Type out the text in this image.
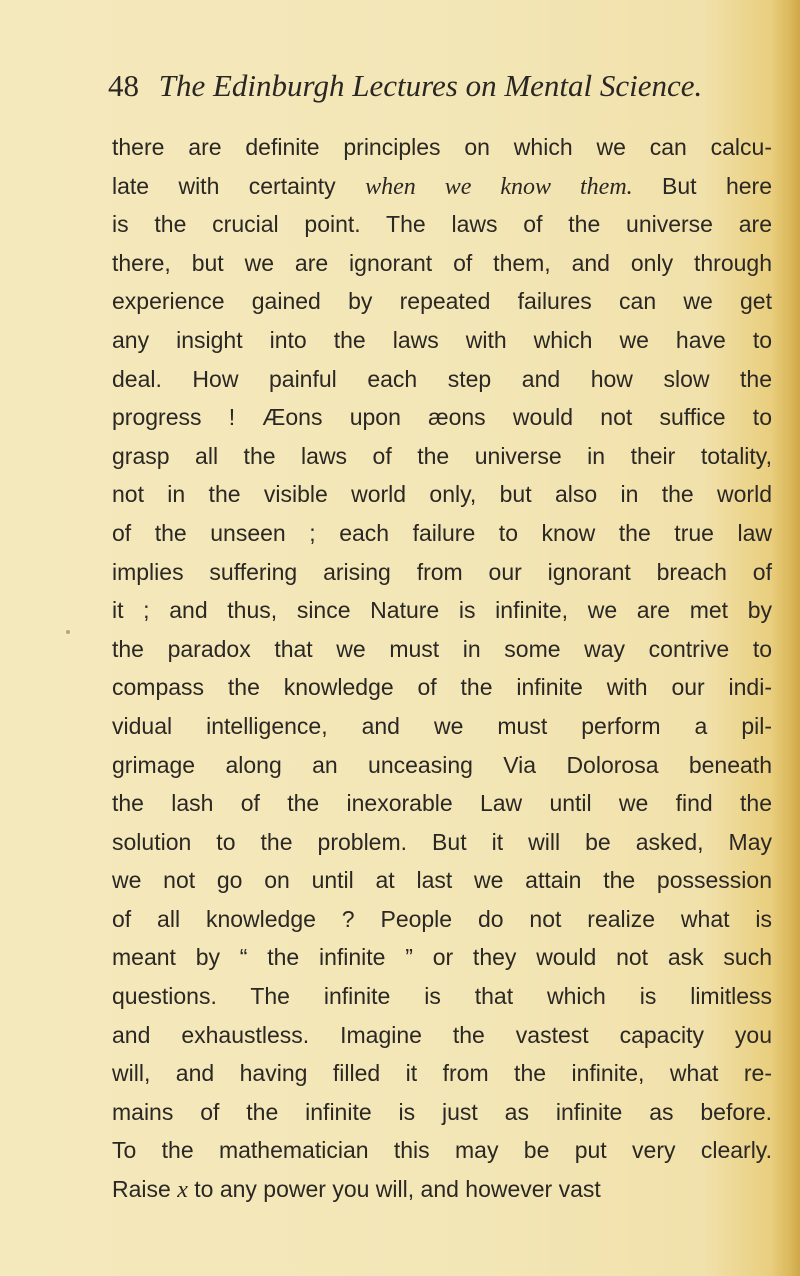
48 The Edinburgh Lectures on Mental Science.
there are definite principles on which we can calcu-
late with certainty when we know them. But here
is the crucial point. The laws of the universe are
there, but we are ignorant of them, and only through
experience gained by repeated failures can we get
any insight into the laws with which we have to
deal. How painful each step and how slow the
progress ! Æons upon æons would not suffice to
grasp all the laws of the universe in their totality,
not in the visible world only, but also in the world
of the unseen ; each failure to know the true law
implies suffering arising from our ignorant breach of
it ; and thus, since Nature is infinite, we are met by
the paradox that we must in some way contrive to
compass the knowledge of the infinite with our indi-
vidual intelligence, and we must perform a pil-
grimage along an unceasing Via Dolorosa beneath
the lash of the inexorable Law until we find the
solution to the problem. But it will be asked, May
we not go on until at last we attain the possession
of all knowledge ? People do not realize what is
meant by “ the infinite ” or they would not ask such
questions. The infinite is that which is limitless
and exhaustless. Imagine the vastest capacity you
will, and having filled it from the infinite, what re-
mains of the infinite is just as infinite as before.
To the mathematician this may be put very clearly.
Raise x to any power you will, and however vast
